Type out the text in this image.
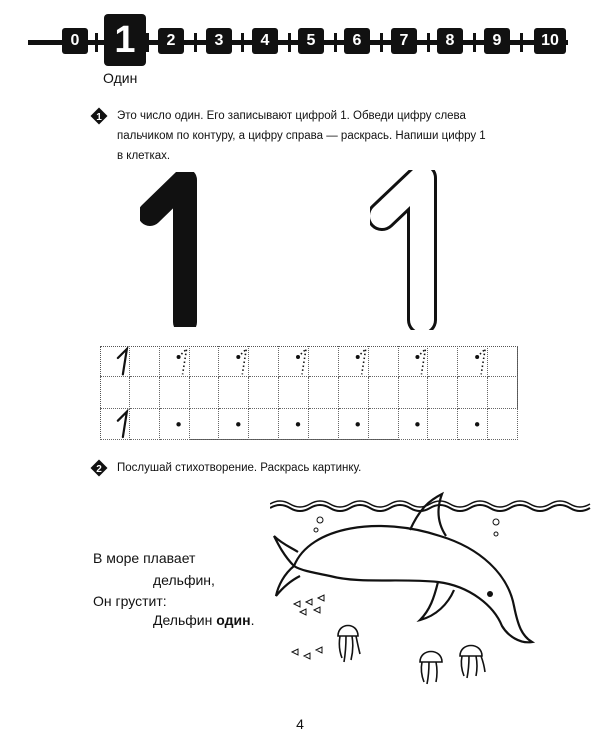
0 1	2	3	4	5	6	7	8	9	10
Один
1 Это число один. Его записывают цифрой 1. Обведи цифру слева
пальчиком по контуру, а цифру справа — раскрась. Напиши цифру 1
в клетках.
2 Послушай стихотворение. Раскрась картинку.
В море плавает
дельфин,
Он грустит:
Дельфин один.
4
